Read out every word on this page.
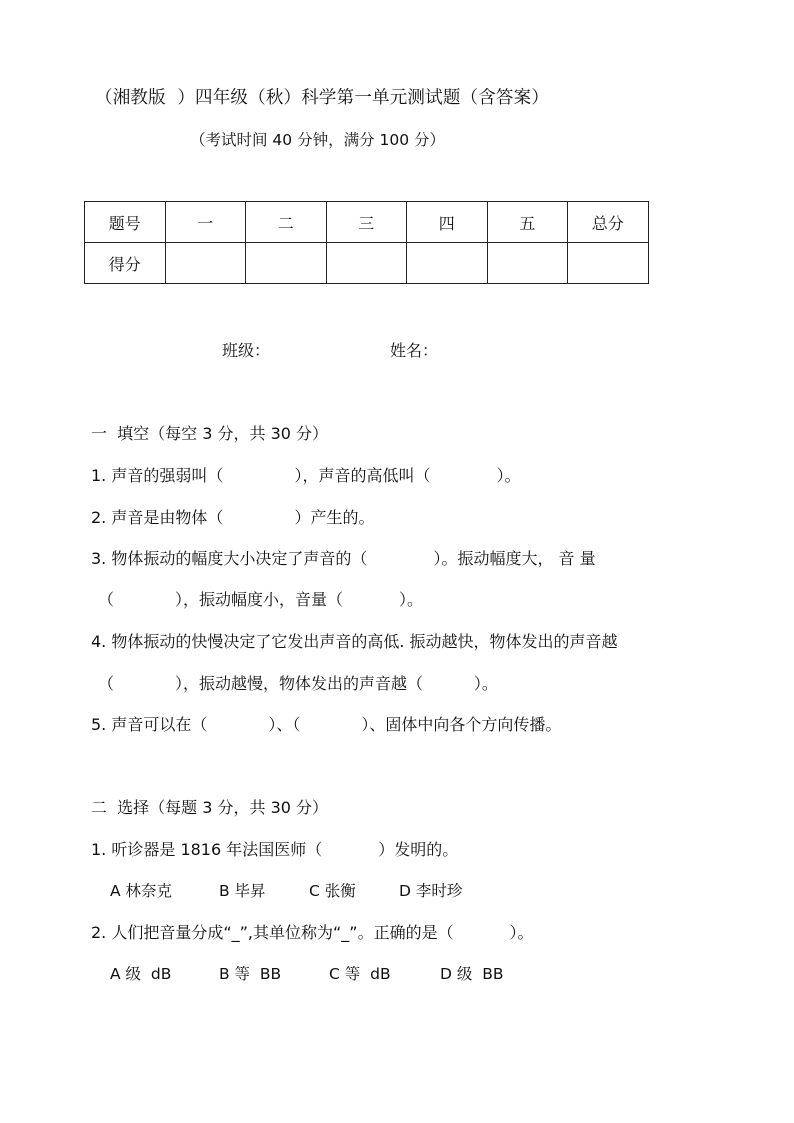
（湘教版  ）四年级（秋）科学第一单元测试题（含答案）
（考试时间 40 分钟，满分 100 分）
题号	一	二	三	四	五	总分
得分						
班级：	姓名：
一  填空（每空 3 分，共 30 分）
1. 声音的强弱叫（              ），声音的高低叫（             ）。
2. 声音是由物体（              ）产生的。
3. 物体振动的幅度大小决定了声音的（             ）。振动幅度大， 音 量
（            ），振动幅度小，音量（           ）。
4. 物体振动的快慢决定了它发出声音的高低. 振动越快，物体发出的声音越
（            ），振动越慢，物体发出的声音越（          ）。
5. 声音可以在（            ）、（            ）、固体中向各个方向传播。
二  选择（每题 3 分，共 30 分）
1. 听诊器是 1816 年法国医师（           ）发明的。
A 林奈克	B 毕昇	C 张衡	D 李时珍
2. 人们把音量分成“_”,其单位称为“_”。正确的是（           ）。
A 级  dB	B 等  BB	C 等  dB	D 级  BB
